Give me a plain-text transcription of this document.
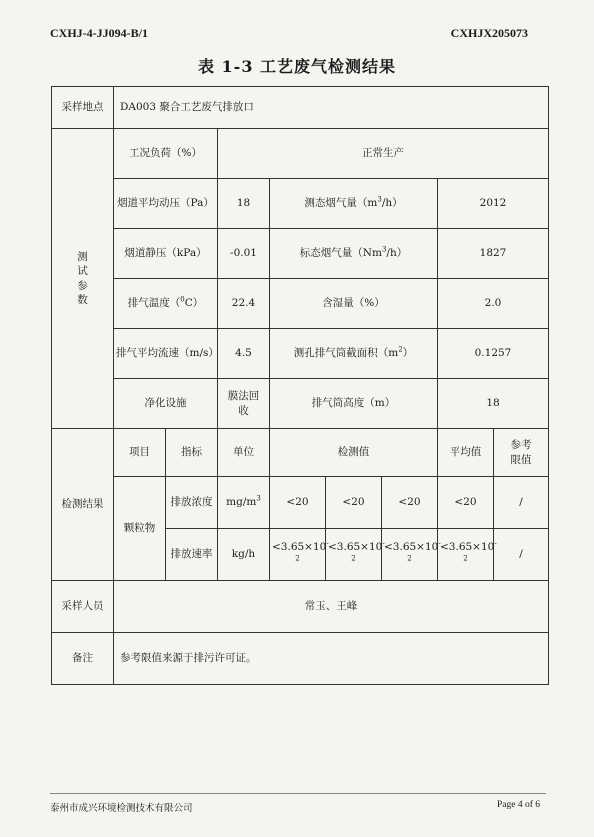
CXHJ-4-JJ094-B/1	CXHJX205073
表 1-3 工艺废气检测结果
采样地点	DA003 聚合工艺废气排放口							
测试参数	工况负荷（%）		正常生产					
	烟道平均动压（Pa）		18	测态烟气量$(m^3/h)$			2012	
	烟道静压（kPa）		-0.01	标态烟气量（Nm$^3$/h）			1827	
	排气温度（$^0$C）		22.4	含湿量（%）			2.0	
	排气平均流速（m/s）		4.5	测孔排气筒截面积$(m^2)$			0.1257	
	净化设施		膜法回收	排气筒高度（m）			18	
检测结果	项目	指标	单位	检测值			平均值	参考限值
	颗粒物	排放浓度	$mg/m^3$	<20	<20	<20	<20	/
		排放速率	kg/h	$<3.65\times 10^{-2}$	$<3.65\times 10^{-2}$	$<3.65\times 10^{-2}$	$<3.65\times 10^{-2}$	/
采样人员	常玉、王峰							
备注	参考限值来源于排污许可证。							
泰州市成兴环境检测技术有限公司	Page 4 of 6
